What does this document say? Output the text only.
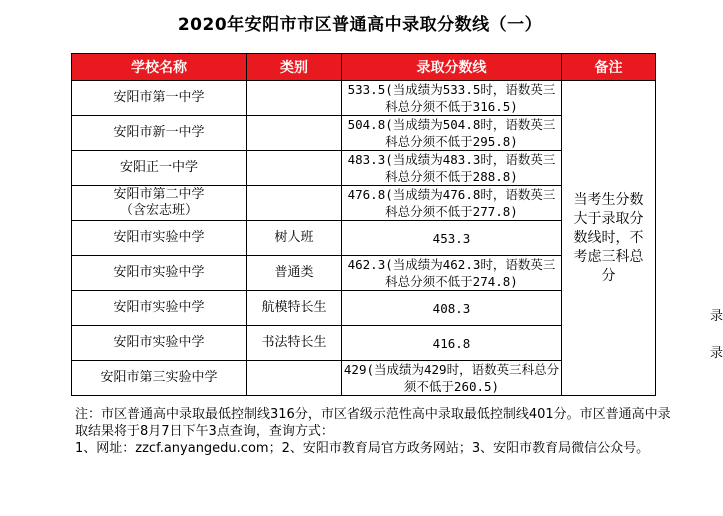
2020年安阳市市区普通高中录取分数线（一）
学校名称	类别	录取分数线	备注
安阳市第一中学		533.5(当成绩为533.5时，语数英三科总分须不低于316.5)	当考生分数大于录取分数线时，不考虑三科总分
安阳市新一中学		504.8(当成绩为504.8时，语数英三科总分须不低于295.8)	
安阳正一中学		483.3(当成绩为483.3时，语数英三科总分须不低于288.8)	
安阳市第二中学（含宏志班）		476.8(当成绩为476.8时，语数英三科总分须不低于277.8)	
安阳市实验中学	树人班	453.3	
安阳市实验中学	普通类	462.3(当成绩为462.3时，语数英三科总分须不低于274.8)	
安阳市实验中学	航模特长生	408.3	
安阳市实验中学	书法特长生	416.8	
安阳市第三实验中学		429(当成绩为429时，语数英三科总分须不低于260.5)	
录
录

注：市区普通高中录取最低控制线316分，市区省级示范性高中录取最低控制线401分。市区普通高中录取结果将于8月7日下午3点查询，查询方式：

1、网址：zzcf.anyangedu.com；2、安阳市教育局官方政务网站；3、安阳市教育局微信公众号。
